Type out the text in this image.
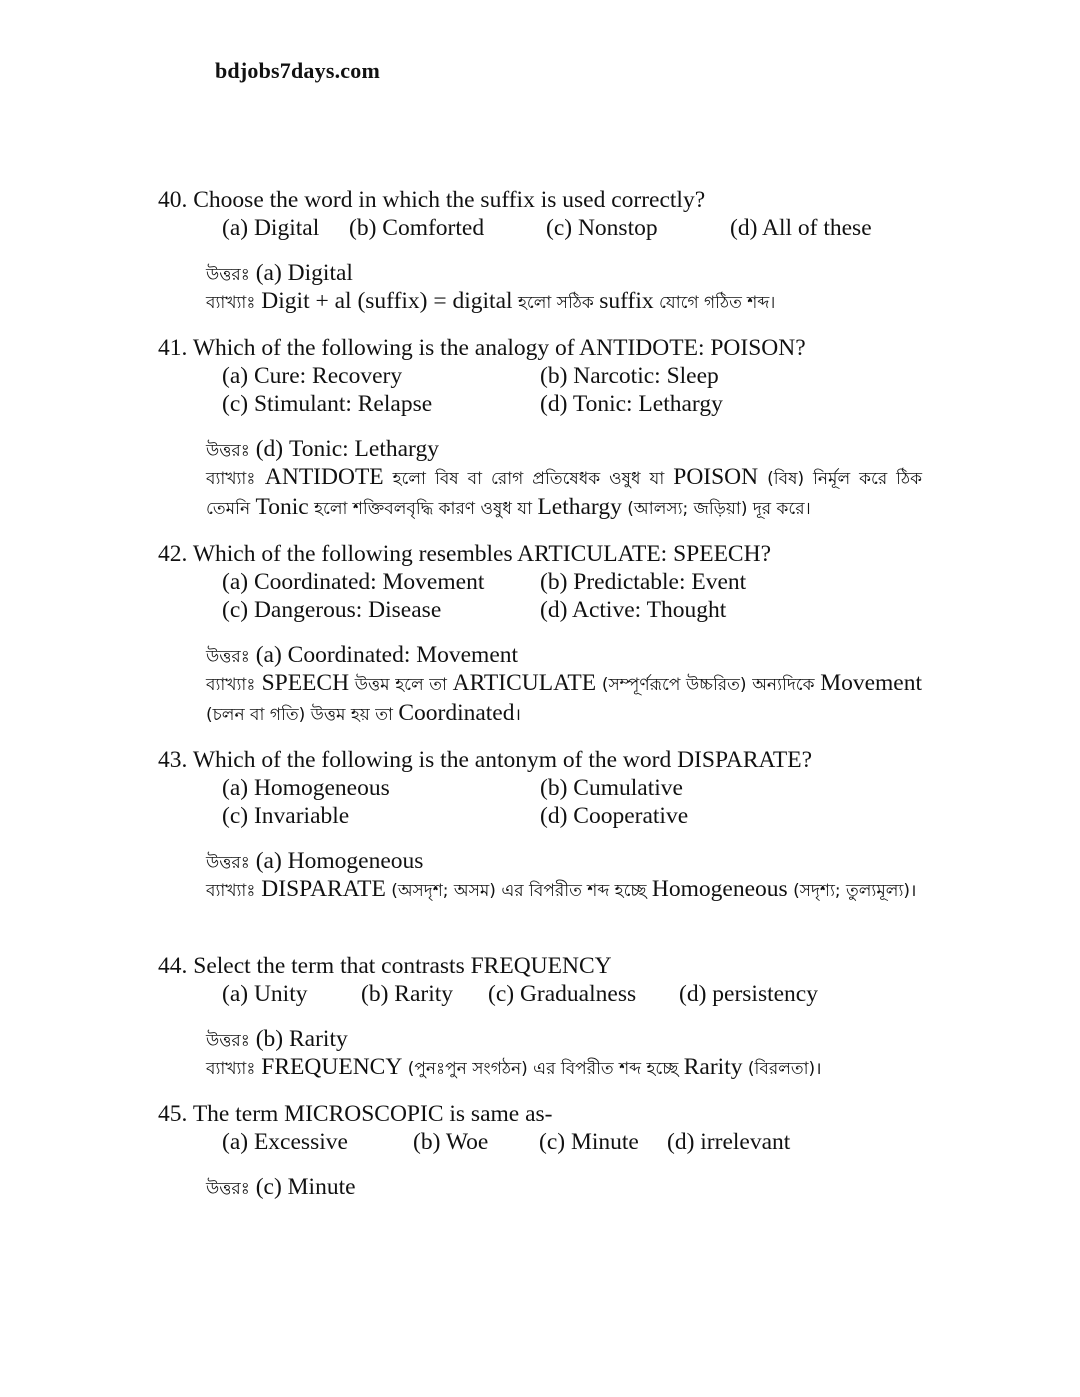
bdjobs7days.com
40. Choose the word in which the suffix is used correctly?
(a) Digital (b) Comforted	(c) Nonstop	(d) All of these
উত্তরঃ (a) Digital
ব্যাখ্যাঃ Digit + al (suffix) = digital হলো সঠিক suffix যোগে গঠিত শব্দ।
41. Which of the following is the analogy of ANTIDOTE: POISON?
(a) Cure: Recovery	(b) Narcotic: Sleep
(c) Stimulant: Relapse	(d) Tonic: Lethargy
উত্তরঃ (d) Tonic: Lethargy
ব্যাখ্যাঃ ANTIDOTE হলো বিষ বা রোগ প্রতিষেধক ওষুধ যা POISON (বিষ) নির্মূল করে ঠিক তেমনি Tonic হলো শক্তিবলবৃদ্ধি কারণ ওষুধ যা Lethargy (আলস্য; জড়িয়া) দূর করে।
42. Which of the following resembles ARTICULATE: SPEECH?
(a) Coordinated: Movement (b) Predictable: Event
(c) Dangerous: Disease	(d) Active: Thought
উত্তরঃ (a) Coordinated: Movement
ব্যাখ্যাঃ SPEECH উত্তম হলে তা ARTICULATE (সম্পূর্ণরূপে উচ্চরিত) অন্যদিকে Movement (চলন বা গতি) উত্তম হয় তা Coordinated।
43. Which of the following is the antonym of the word DISPARATE?
(a) Homogeneous	(b) Cumulative
(c) Invariable	(d) Cooperative
উত্তরঃ (a) Homogeneous
ব্যাখ্যাঃ DISPARATE (অসদৃশ; অসম) এর বিপরীত শব্দ হচ্ছে Homogeneous (সদৃশ্য; তুল্যমূল্য)।
44. Select the term that contrasts FREQUENCY
(a) Unity (b) Rarity (c) Gradualness (d) persistency
উত্তরঃ (b) Rarity
ব্যাখ্যাঃ FREQUENCY (পুনঃপুন সংগঠন) এর বিপরীত শব্দ হচ্ছে Rarity (বিরলতা)।
45. The term MICROSCOPIC is same as-
(a) Excessive	(b) Woe (c) Minute (d) irrelevant
উত্তরঃ (c) Minute
